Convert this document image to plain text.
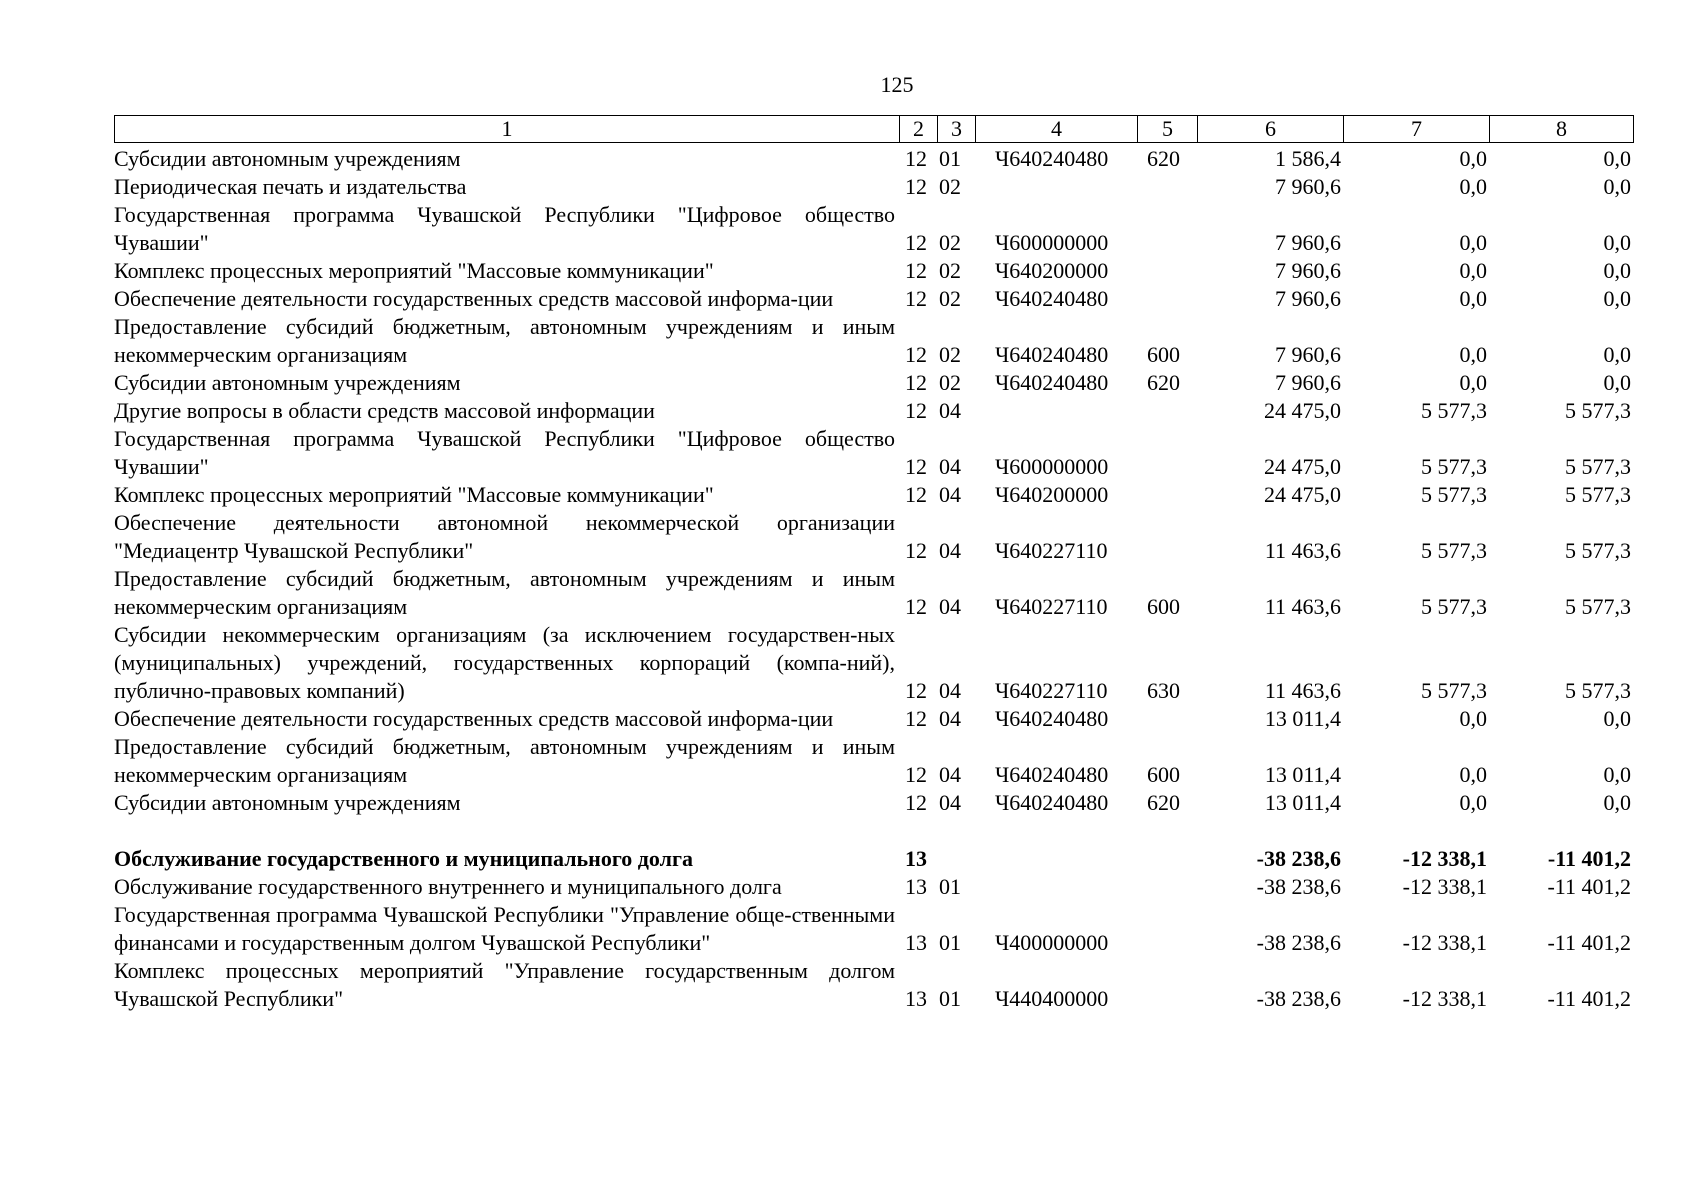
125
1	2	3	4	5	6	7	8
Субсидии автономным учреждениям	12	01	Ч640240480	620	1 586,4	0,0	0,0
Периодическая печать и издательства	12	02			7 960,6	0,0	0,0
Государственная программа Чувашской Республики "Цифровое общество Чувашии"	12	02	Ч600000000		7 960,6	0,0	0,0
Комплекс процессных мероприятий "Массовые коммуникации"	12	02	Ч640200000		7 960,6	0,0	0,0
Обеспечение деятельности государственных средств массовой информа-ции	12	02	Ч640240480		7 960,6	0,0	0,0
Предоставление субсидий бюджетным, автономным учреждениям и иным некоммерческим организациям	12	02	Ч640240480	600	7 960,6	0,0	0,0
Субсидии автономным учреждениям	12	02	Ч640240480	620	7 960,6	0,0	0,0
Другие вопросы в области средств массовой информации	12	04			24 475,0	5 577,3	5 577,3
Государственная программа Чувашской Республики "Цифровое общество Чувашии"	12	04	Ч600000000		24 475,0	5 577,3	5 577,3
Комплекс процессных мероприятий "Массовые коммуникации"	12	04	Ч640200000		24 475,0	5 577,3	5 577,3
Обеспечение деятельности автономной некоммерческой организации "Медиацентр Чувашской Республики"	12	04	Ч640227110		11 463,6	5 577,3	5 577,3
Предоставление субсидий бюджетным, автономным учреждениям и иным некоммерческим организациям	12	04	Ч640227110	600	11 463,6	5 577,3	5 577,3
Субсидии некоммерческим организациям (за исключением государствен-ных (муниципальных) учреждений, государственных корпораций (компа-ний), публично-правовых компаний)	12	04	Ч640227110	630	11 463,6	5 577,3	5 577,3
Обеспечение деятельности государственных средств массовой информа-ции	12	04	Ч640240480		13 011,4	0,0	0,0
Предоставление субсидий бюджетным, автономным учреждениям и иным некоммерческим организациям	12	04	Ч640240480	600	13 011,4	0,0	0,0
Субсидии автономным учреждениям	12	04	Ч640240480	620	13 011,4	0,0	0,0

Обслуживание государственного и муниципального долга	13				-38 238,6	-12 338,1	-11 401,2
Обслуживание государственного внутреннего и муниципального долга	13	01			-38 238,6	-12 338,1	-11 401,2
Государственная программа Чувашской Республики "Управление обще-ственными финансами и государственным долгом Чувашской Республики"	13	01	Ч400000000		-38 238,6	-12 338,1	-11 401,2
Комплекс процессных мероприятий "Управление государственным долгом Чувашской Республики"	13	01	Ч440400000		-38 238,6	-12 338,1	-11 401,2
